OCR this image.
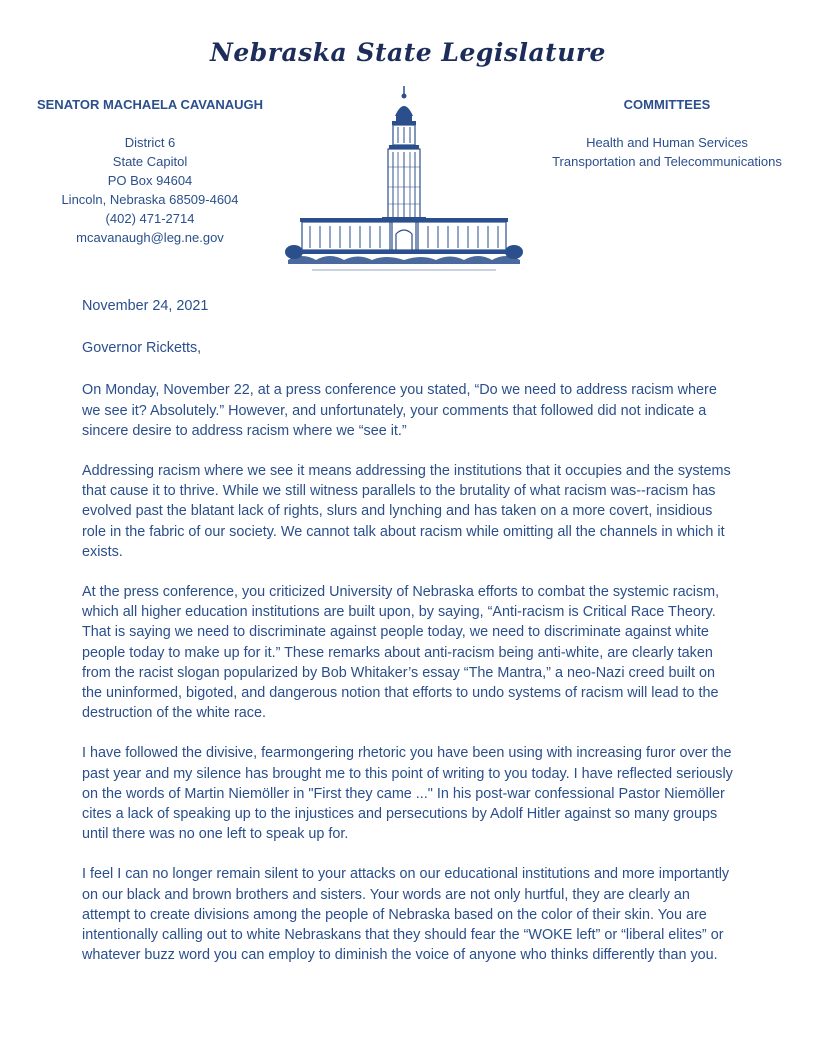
Nebraska State Legislature
SENATOR MACHAELA CAVANAUGH
District 6
State Capitol
PO Box 94604
Lincoln, Nebraska 68509-4604
(402) 471-2714
mcavanaugh@leg.ne.gov
COMMITTEES
Health and Human Services
Transportation and Telecommunications

November 24, 2021

Governor Ricketts,

On Monday, November 22, at a press conference you stated, “Do we need to address racism where we see it? Absolutely.” However, and unfortunately, your comments that followed did not indicate a sincere desire to address racism where we “see it.”

Addressing racism where we see it means addressing the institutions that it occupies and the systems that cause it to thrive. While we still witness parallels to the brutality of what racism was--racism has evolved past the blatant lack of rights, slurs and lynching and has taken on a more covert, insidious role in the fabric of our society. We cannot talk about racism while omitting all the channels in which it exists.

At the press conference, you criticized University of Nebraska efforts to combat the systemic racism, which all higher education institutions are built upon, by saying, “Anti-racism is Critical Race Theory. That is saying we need to discriminate against people today, we need to discriminate against white people today to make up for it.” These remarks about anti-racism being anti-white, are clearly taken from the racist slogan popularized by Bob Whitaker’s essay “The Mantra,” a neo-Nazi creed built on the uninformed, bigoted, and dangerous notion that efforts to undo systems of racism will lead to the destruction of the white race.

I have followed the divisive, fearmongering rhetoric you have been using with increasing furor over the past year and my silence has brought me to this point of writing to you today. I have reflected seriously on the words of Martin Niemöller in "First they came ..." In his post-war confessional Pastor Niemöller cites a lack of speaking up to the injustices and persecutions by Adolf Hitler against so many groups until there was no one left to speak up for.

I feel I can no longer remain silent to your attacks on our educational institutions and more importantly on our black and brown brothers and sisters. Your words are not only hurtful, they are clearly an attempt to create divisions among the people of Nebraska based on the color of their skin. You are intentionally calling out to white Nebraskans that they should fear the “WOKE left” or “liberal elites” or whatever buzz word you can employ to diminish the voice of anyone who thinks differently than you.
